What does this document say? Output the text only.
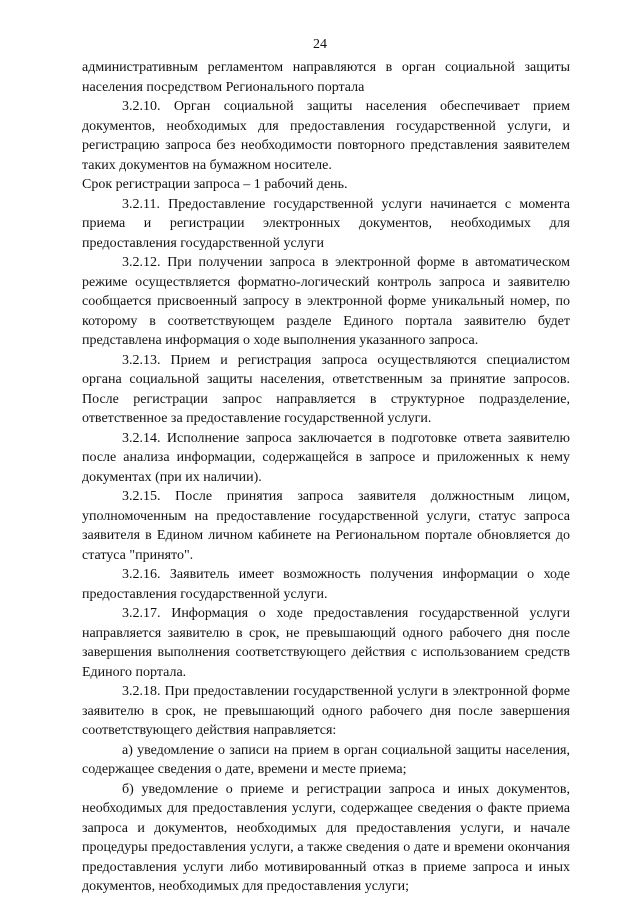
24

административным регламентом направляются в орган социальной защиты населения посредством Регионального портала

3.2.10. Орган социальной защиты населения обеспечивает прием документов, необходимых для предоставления государственной услуги, и регистрацию запроса без необходимости повторного представления заявителем таких документов на бумажном носителе.

Срок регистрации запроса – 1 рабочий день.

3.2.11. Предоставление государственной услуги начинается с момента приема и регистрации электронных документов, необходимых для предоставления государственной услуги

3.2.12. При получении запроса в электронной форме в автоматическом режиме осуществляется форматно-логический контроль запроса и заявителю сообщается присвоенный запросу в электронной форме уникальный номер, по которому в соответствующем разделе Единого портала заявителю будет представлена информация о ходе выполнения указанного запроса.

3.2.13. Прием и регистрация запроса осуществляются специалистом органа социальной защиты населения, ответственным за принятие запросов. После регистрации запрос направляется в структурное подразделение, ответственное за предоставление государственной услуги.

3.2.14. Исполнение запроса заключается в подготовке ответа заявителю после анализа информации, содержащейся в запросе и приложенных к нему документах (при их наличии).

3.2.15. После принятия запроса заявителя должностным лицом, уполномоченным на предоставление государственной услуги, статус запроса заявителя в Едином личном кабинете на Региональном портале обновляется до статуса "принято".

3.2.16. Заявитель имеет возможность получения информации о ходе предоставления государственной услуги.

3.2.17. Информация о ходе предоставления государственной услуги направляется заявителю в срок, не превышающий одного рабочего дня после завершения выполнения соответствующего действия с использованием средств Единого портала.

3.2.18. При предоставлении государственной услуги в электронной форме заявителю в срок, не превышающий одного рабочего дня после завершения соответствующего действия направляется:

а) уведомление о записи на прием в орган социальной защиты населения, содержащее сведения о дате, времени и месте приема;

б) уведомление о приеме и регистрации запроса и иных документов, необходимых для предоставления услуги, содержащее сведения о факте приема запроса и документов, необходимых для предоставления услуги, и начале процедуры предоставления услуги, а также сведения о дате и времени окончания предоставления услуги либо мотивированный отказ в приеме запроса и иных документов, необходимых для предоставления услуги;
